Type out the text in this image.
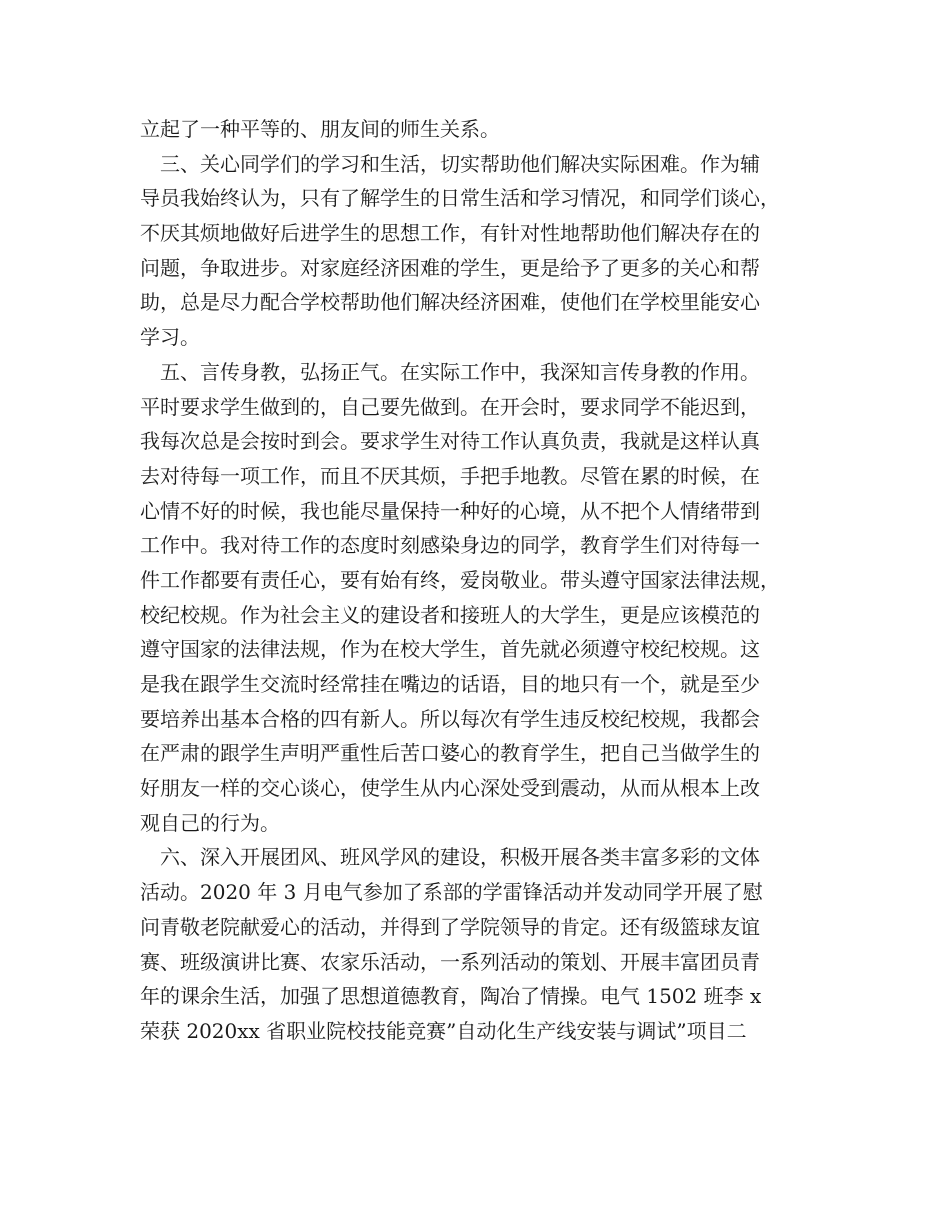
立起了一种平等的、朋友间的师生关系。
　三、关心同学们的学习和生活，切实帮助他们解决实际困难。作为辅
导员我始终认为，只有了解学生的日常生活和学习情况，和同学们谈心，
不厌其烦地做好后进学生的思想工作，有针对性地帮助他们解决存在的
问题，争取进步。对家庭经济困难的学生，更是给予了更多的关心和帮
助，总是尽力配合学校帮助他们解决经济困难，使他们在学校里能安心
学习。
　五、言传身教，弘扬正气。在实际工作中，我深知言传身教的作用。
平时要求学生做到的，自己要先做到。在开会时，要求同学不能迟到，
我每次总是会按时到会。要求学生对待工作认真负责，我就是这样认真
去对待每一项工作，而且不厌其烦，手把手地教。尽管在累的时候，在
心情不好的时候，我也能尽量保持一种好的心境，从不把个人情绪带到
工作中。我对待工作的态度时刻感染身边的同学，教育学生们对待每一
件工作都要有责任心，要有始有终，爱岗敬业。带头遵守国家法律法规，
校纪校规。作为社会主义的建设者和接班人的大学生，更是应该模范的
遵守国家的法律法规，作为在校大学生，首先就必须遵守校纪校规。这
是我在跟学生交流时经常挂在嘴边的话语，目的地只有一个，就是至少
要培养出基本合格的四有新人。所以每次有学生违反校纪校规，我都会
在严肃的跟学生声明严重性后苦口婆心的教育学生，把自己当做学生的
好朋友一样的交心谈心，使学生从内心深处受到震动，从而从根本上改
观自己的行为。
　六、深入开展团风、班风学风的建设，积极开展各类丰富多彩的文体
活动。2020 年 3 月电气参加了系部的学雷锋活动并发动同学开展了慰
问青敬老院献爱心的活动，并得到了学院领导的肯定。还有级篮球友谊
赛、班级演讲比赛、农家乐活动，一系列活动的策划、开展丰富团员青
年的课余生活，加强了思想道德教育，陶冶了情操。电气 1502 班李 x
荣获 2020xx 省职业院校技能竞赛”自动化生产线安装与调试”项目二
